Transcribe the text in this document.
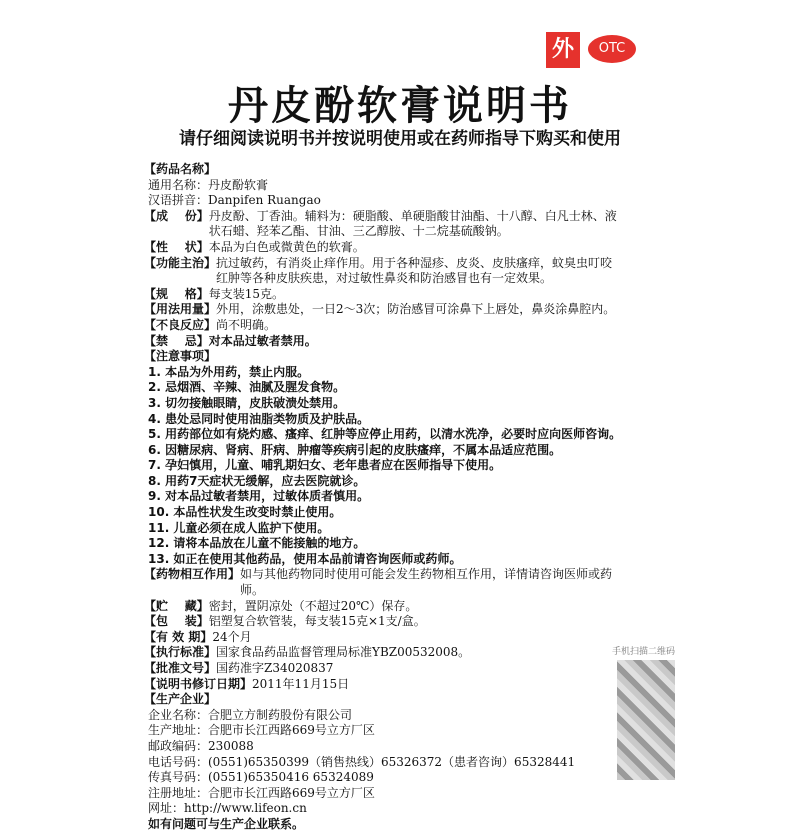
外	OTC
丹皮酚软膏说明书
请仔细阅读说明书并按说明使用或在药师指导下购买和使用
【药品名称】
通用名称：丹皮酚软膏
汉语拼音：Danpifen Ruangao
【成    份】 丹皮酚、丁香油。辅料为：硬脂酸、单硬脂酸甘油酯、十八醇、白凡士林、液状石蜡、羟苯乙酯、甘油、三乙醇胺、十二烷基硫酸钠。
【性    状】 本品为白色或微黄色的软膏。
【功能主治】 抗过敏药，有消炎止痒作用。用于各种湿疹、皮炎、皮肤瘙痒，蚊臭虫叮咬红肿等各种皮肤疾患，对过敏性鼻炎和防治感冒也有一定效果。
【规    格】 每支装15克。
【用法用量】 外用，涂敷患处，一日2～3次；防治感冒可涂鼻下上唇处，鼻炎涂鼻腔内。
【不良反应】 尚不明确。
【禁    忌】 对本品过敏者禁用。
【注意事项】
1. 本品为外用药，禁止内服。
2. 忌烟酒、辛辣、油腻及腥发食物。
3. 切勿接触眼睛，皮肤破溃处禁用。
4. 患处忌同时使用油脂类物质及护肤品。
5. 用药部位如有烧灼感、瘙痒、红肿等应停止用药，以清水洗净，必要时应向医师咨询。
6. 因糖尿病、肾病、肝病、肿瘤等疾病引起的皮肤瘙痒，不属本品适应范围。
7. 孕妇慎用，儿童、哺乳期妇女、老年患者应在医师指导下使用。
8. 用药7天症状无缓解，应去医院就诊。
9. 对本品过敏者禁用，过敏体质者慎用。
10. 本品性状发生改变时禁止使用。
11. 儿童必须在成人监护下使用。
12. 请将本品放在儿童不能接触的地方。
13. 如正在使用其他药品，使用本品前请咨询医师或药师。
【药物相互作用】 如与其他药物同时使用可能会发生药物相互作用，详情请咨询医师或药师。
【贮    藏】 密封，置阴凉处（不超过20℃）保存。
【包    装】 铝塑复合软管装，每支装15克×1支/盒。
【有 效 期】 24个月
【执行标准】 国家食品药品监督管理局标准YBZ00532008。
【批准文号】 国药准字Z34020837
【说明书修订日期】 2011年11月15日
【生产企业】
企业名称：合肥立方制药股份有限公司
生产地址：合肥市长江西路669号立方厂区
邮政编码：230088
电话号码：(0551)65350399（销售热线）65326372（患者咨询）65328441
传真号码：(0551)65350416 65324089
注册地址：合肥市长江西路669号立方厂区
网址：http://www.lifeon.cn
如有问题可与生产企业联系。
手机扫描二维码
